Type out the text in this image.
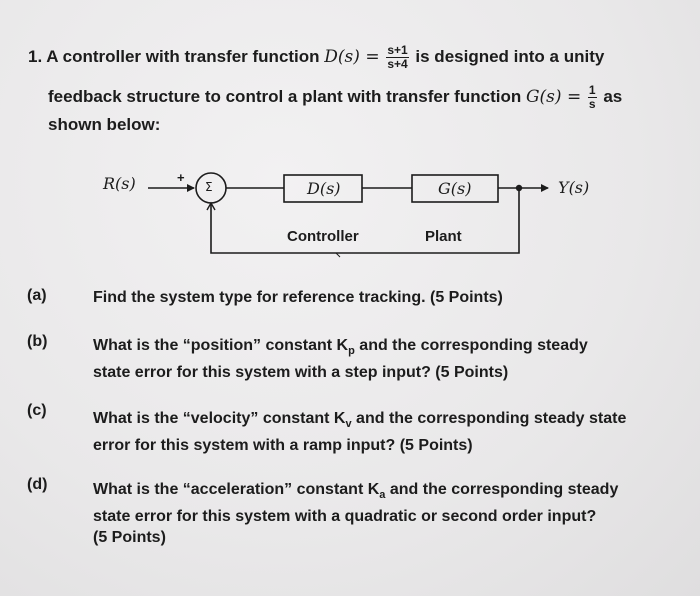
1. A controller with transfer function $D(s) = \frac{s+1}{s+4}$ is designed into a unity
feedback structure to control a plant with transfer function $G(s) = \frac{1}{s}$ as
shown below:
R(s)	+
Σ	D(s)	G(s)	Y(s)
Controller	Plant
(a)	Find the system type for reference tracking. (5 Points)
(b)	What is the “position” constant $K_p$ and the corresponding steady
state error for this system with a step input? (5 Points)
(c)	What is the “velocity” constant $K_v$ and the corresponding steady state
error for this system with a ramp input? (5 Points)
(d)	What is the “acceleration” constant $K_a$ and the corresponding steady
state error for this system with a quadratic or second order input?
(5 Points)
